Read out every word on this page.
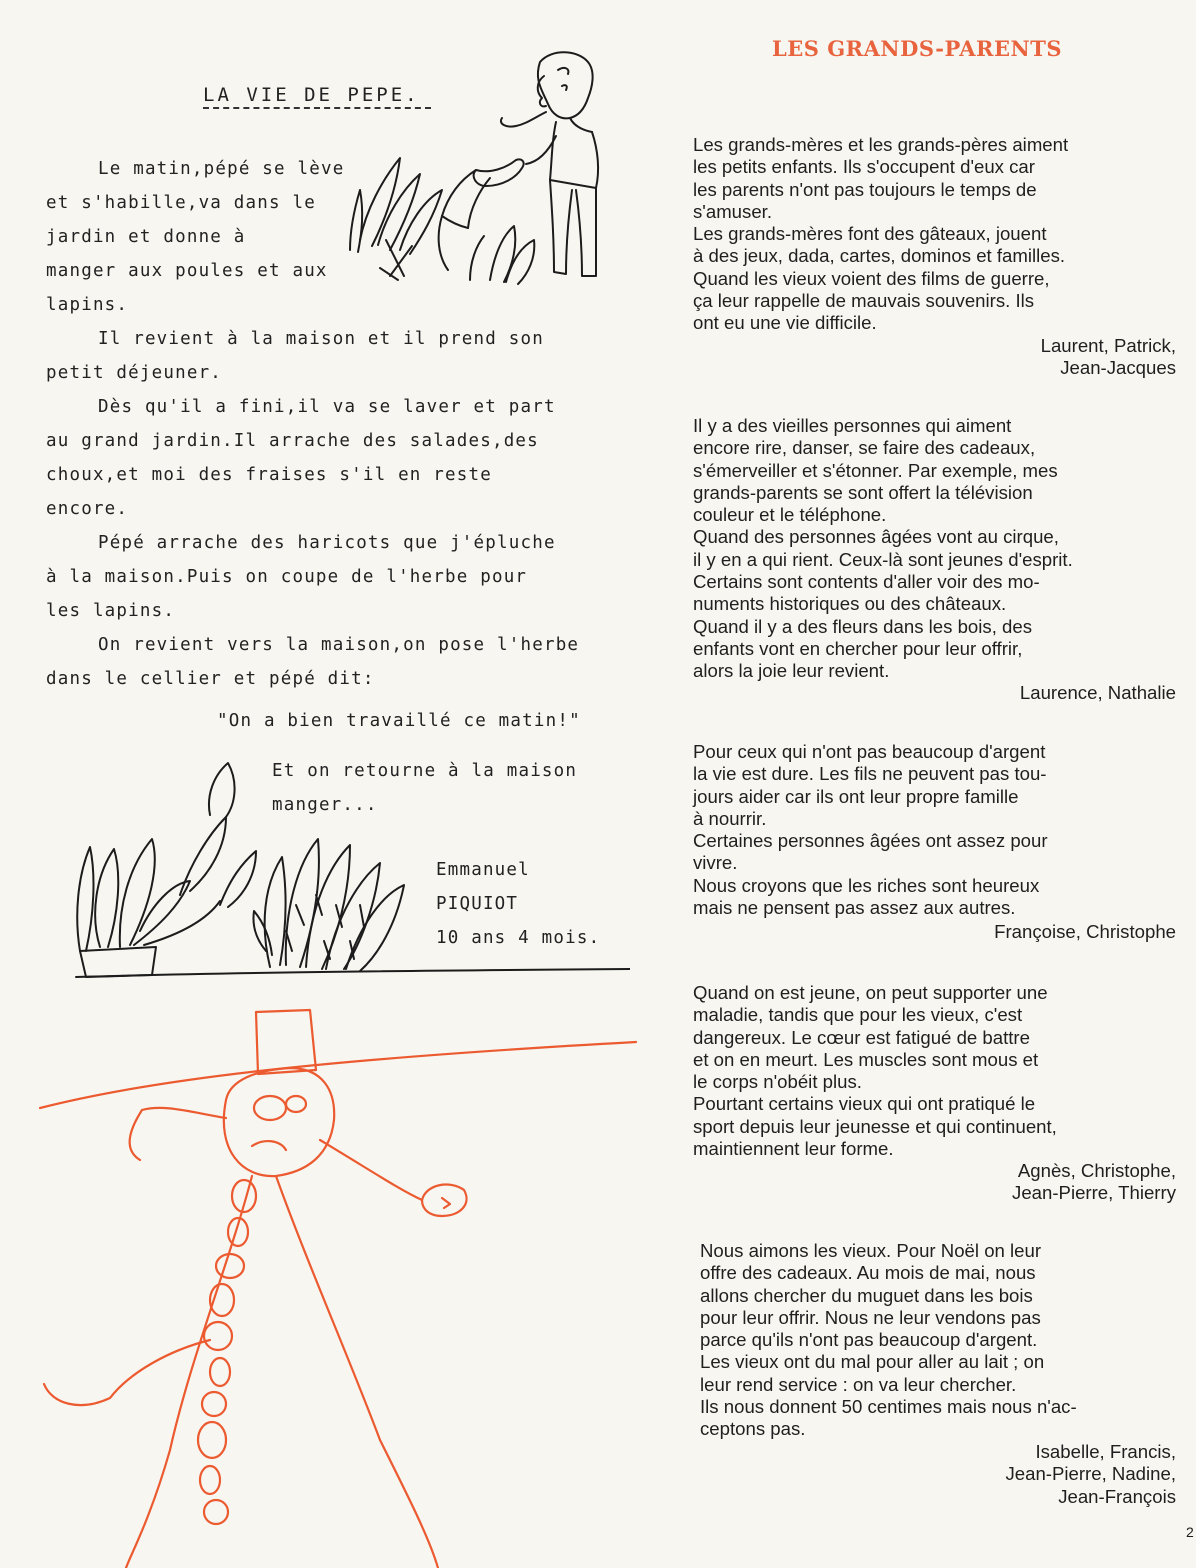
LA VIE DE PEPE.
Le matin,pépé se lève
et s'habille,va dans le
jardin et donne à
manger aux poules et aux
lapins.
Il revient à la maison et il prend son
petit déjeuner.
Dès qu'il a fini,il va se laver et part
au grand jardin.Il arrache des salades,des
choux,et moi des fraises s'il en reste
encore.
Pépé arrache des haricots que j'épluche
à la maison.Puis on coupe de l'herbe pour
les lapins.
On revient vers la maison,on pose l'herbe
dans le cellier et pépé dit:
"On a bien travaillé ce matin!"
Et on retourne à la maison
manger...
Emmanuel
PIQUIOT
10 ans 4 mois.
LES GRANDS-PARENTS
Les grands-mères et les grands-pères aiment
les petits enfants. Ils s'occupent d'eux car
les parents n'ont pas toujours le temps de
s'amuser.
Les grands-mères font des gâteaux, jouent
à des jeux, dada, cartes, dominos et familles.
Quand les vieux voient des films de guerre,
ça leur rappelle de mauvais souvenirs. Ils
ont eu une vie difficile.
Laurent, Patrick,
Jean-Jacques
Il y a des vieilles personnes qui aiment
encore rire, danser, se faire des cadeaux,
s'émerveiller et s'étonner. Par exemple, mes
grands-parents se sont offert la télévision
couleur et le téléphone.
Quand des personnes âgées vont au cirque,
il y en a qui rient. Ceux-là sont jeunes d'esprit.
Certains sont contents d'aller voir des mo-
numents historiques ou des châteaux.
Quand il y a des fleurs dans les bois, des
enfants vont en chercher pour leur offrir,
alors la joie leur revient.
Laurence, Nathalie
Pour ceux qui n'ont pas beaucoup d'argent
la vie est dure. Les fils ne peuvent pas tou-
jours aider car ils ont leur propre famille
à nourrir.
Certaines personnes âgées ont assez pour
vivre.
Nous croyons que les riches sont heureux
mais ne pensent pas assez aux autres.
Françoise, Christophe
Quand on est jeune, on peut supporter une
maladie, tandis que pour les vieux, c'est
dangereux. Le cœur est fatigué de battre
et on en meurt. Les muscles sont mous et
le corps n'obéit plus.
Pourtant certains vieux qui ont pratiqué le
sport depuis leur jeunesse et qui continuent,
maintiennent leur forme.
Agnès, Christophe,
Jean-Pierre, Thierry
Nous aimons les vieux. Pour Noël on leur
offre des cadeaux. Au mois de mai, nous
allons chercher du muguet dans les bois
pour leur offrir. Nous ne leur vendons pas
parce qu'ils n'ont pas beaucoup d'argent.
Les vieux ont du mal pour aller au lait ; on
leur rend service : on va leur chercher.
Ils nous donnent 50 centimes mais nous n'ac-
ceptons pas.
Isabelle, Francis,
Jean-Pierre, Nadine,
Jean-François
2
